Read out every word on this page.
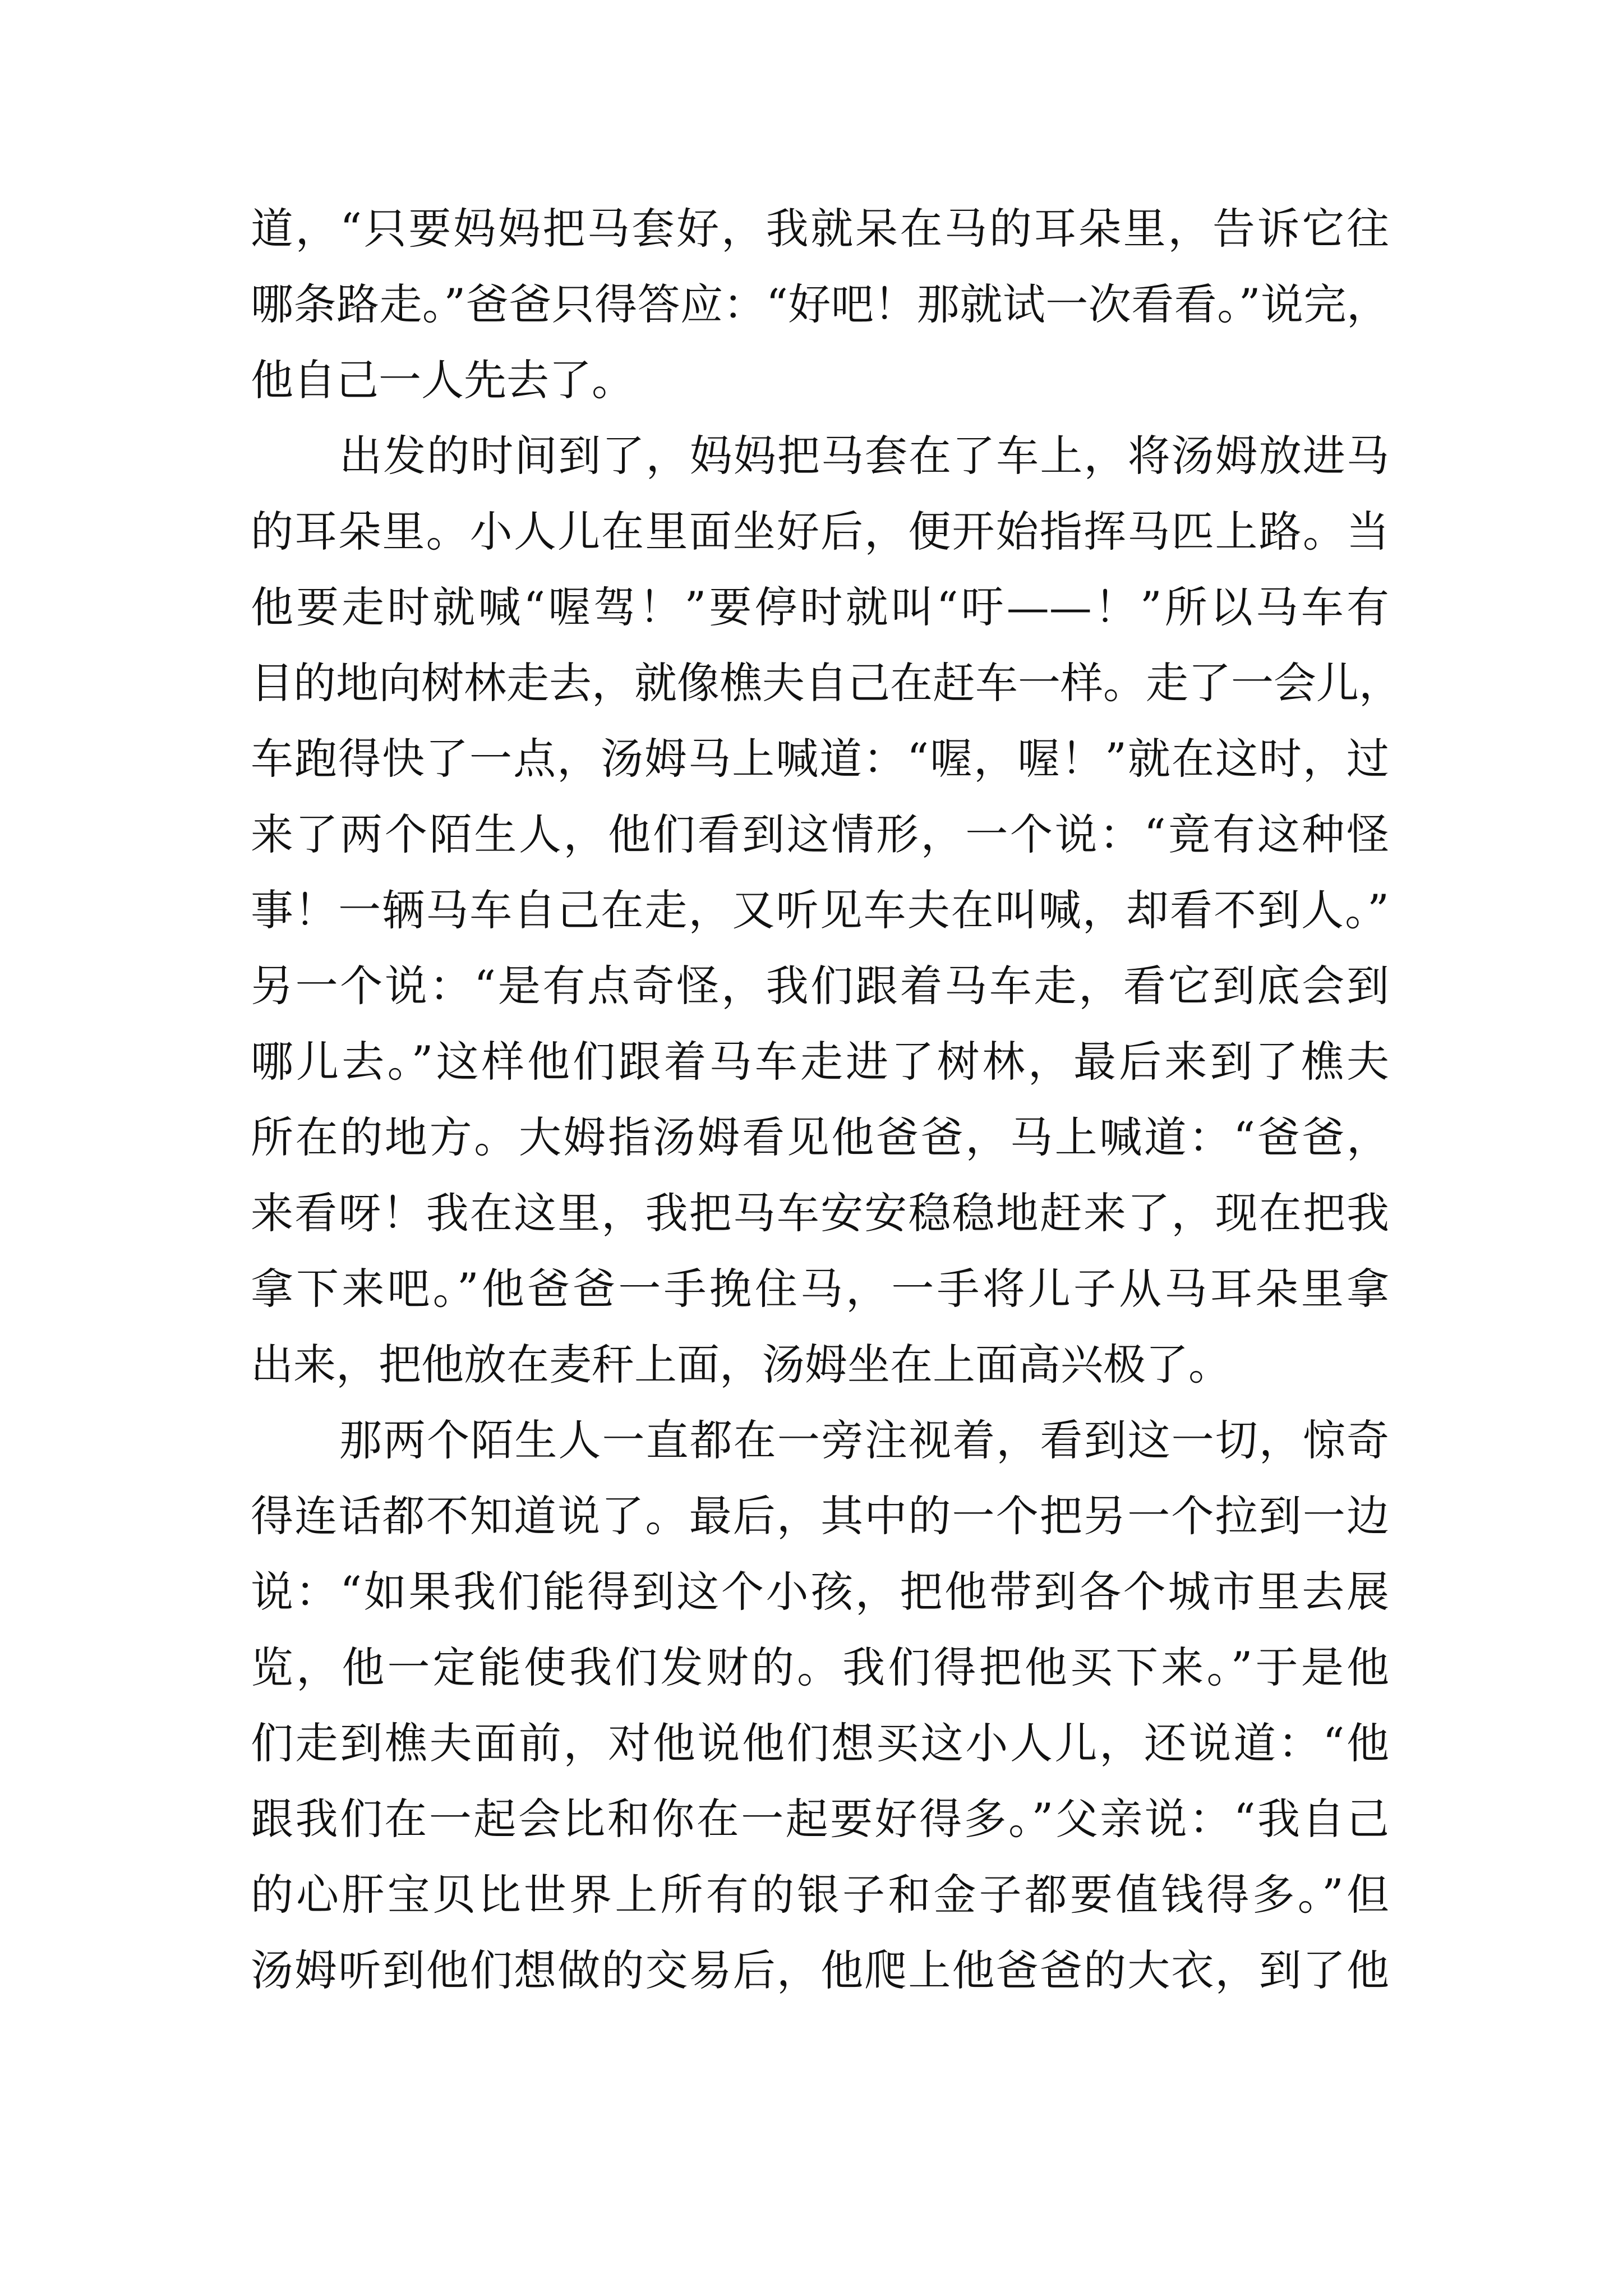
道，“只要妈妈把马套好，我就呆在马的耳朵里，告诉它往

哪条路走。”爸爸只得答应：“好吧！那就试一次看看。”说完，

他自己一人先去了。

出发的时间到了，妈妈把马套在了车上，将汤姆放进马

的耳朵里。小人儿在里面坐好后，便开始指挥马匹上路。当

他要走时就喊“喔驾！”要停时就叫“吁——！”所以马车有

目的地向树林走去，就像樵夫自己在赶车一样。走了一会儿，

车跑得快了一点，汤姆马上喊道：“喔，喔！”就在这时，过

来了两个陌生人，他们看到这情形，一个说：“竟有这种怪

事！一辆马车自己在走，又听见车夫在叫喊，却看不到人。”

另一个说：“是有点奇怪，我们跟着马车走，看它到底会到

哪儿去。”这样他们跟着马车走进了树林，最后来到了樵夫

所在的地方。大姆指汤姆看见他爸爸，马上喊道：“爸爸，

来看呀！我在这里，我把马车安安稳稳地赶来了，现在把我

拿下来吧。”他爸爸一手挽住马，一手将儿子从马耳朵里拿

出来，把他放在麦秆上面，汤姆坐在上面高兴极了。

那两个陌生人一直都在一旁注视着，看到这一切，惊奇

得连话都不知道说了。最后，其中的一个把另一个拉到一边

说：“如果我们能得到这个小孩，把他带到各个城市里去展

览，他一定能使我们发财的。我们得把他买下来。”于是他

们走到樵夫面前，对他说他们想买这小人儿，还说道：“他

跟我们在一起会比和你在一起要好得多。”父亲说：“我自己

的心肝宝贝比世界上所有的银子和金子都要值钱得多。”但

汤姆听到他们想做的交易后，他爬上他爸爸的大衣，到了他
